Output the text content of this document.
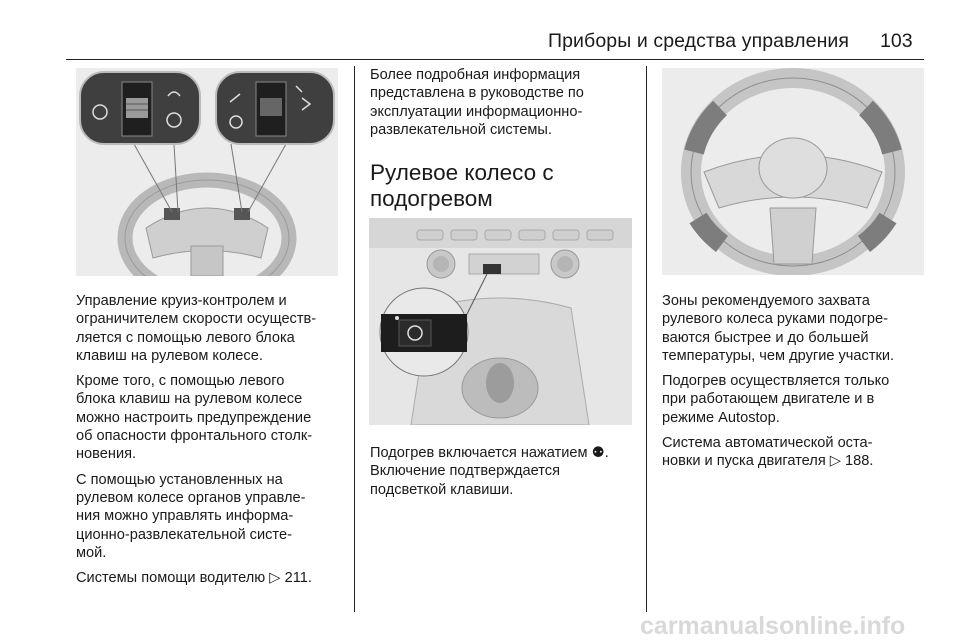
Приборы и средства управления 103

Управление круиз-контролем и
ограничителем скорости осуществ-
ляется с помощью левого блока
клавиш на рулевом колесе.

Кроме того, с помощью левого
блока клавиш на рулевом колесе
можно настроить предупреждение
об опасности фронтального столк-
новения.

С помощью установленных на
рулевом колесе органов управле-
ния можно управлять информа-
ционно-развлекательной систе-
мой.

Системы помощи водителю ▷ 211.

Более подробная информация
представлена в руководстве по
эксплуатации информационно-
развлекательной системы.

Рулевое колесо с
подогревом

Подогрев включается нажатием ⚉.
Включение подтверждается
подсветкой клавиши.

Зоны рекомендуемого захвата
рулевого колеса руками подогре-
ваются быстрее и до большей
температуры, чем другие участки.

Подогрев осуществляется только
при работающем двигателе и в
режиме Autostop.

Система автоматической оста-
новки и пуска двигателя ▷ 188.

carmanualsonline.info
